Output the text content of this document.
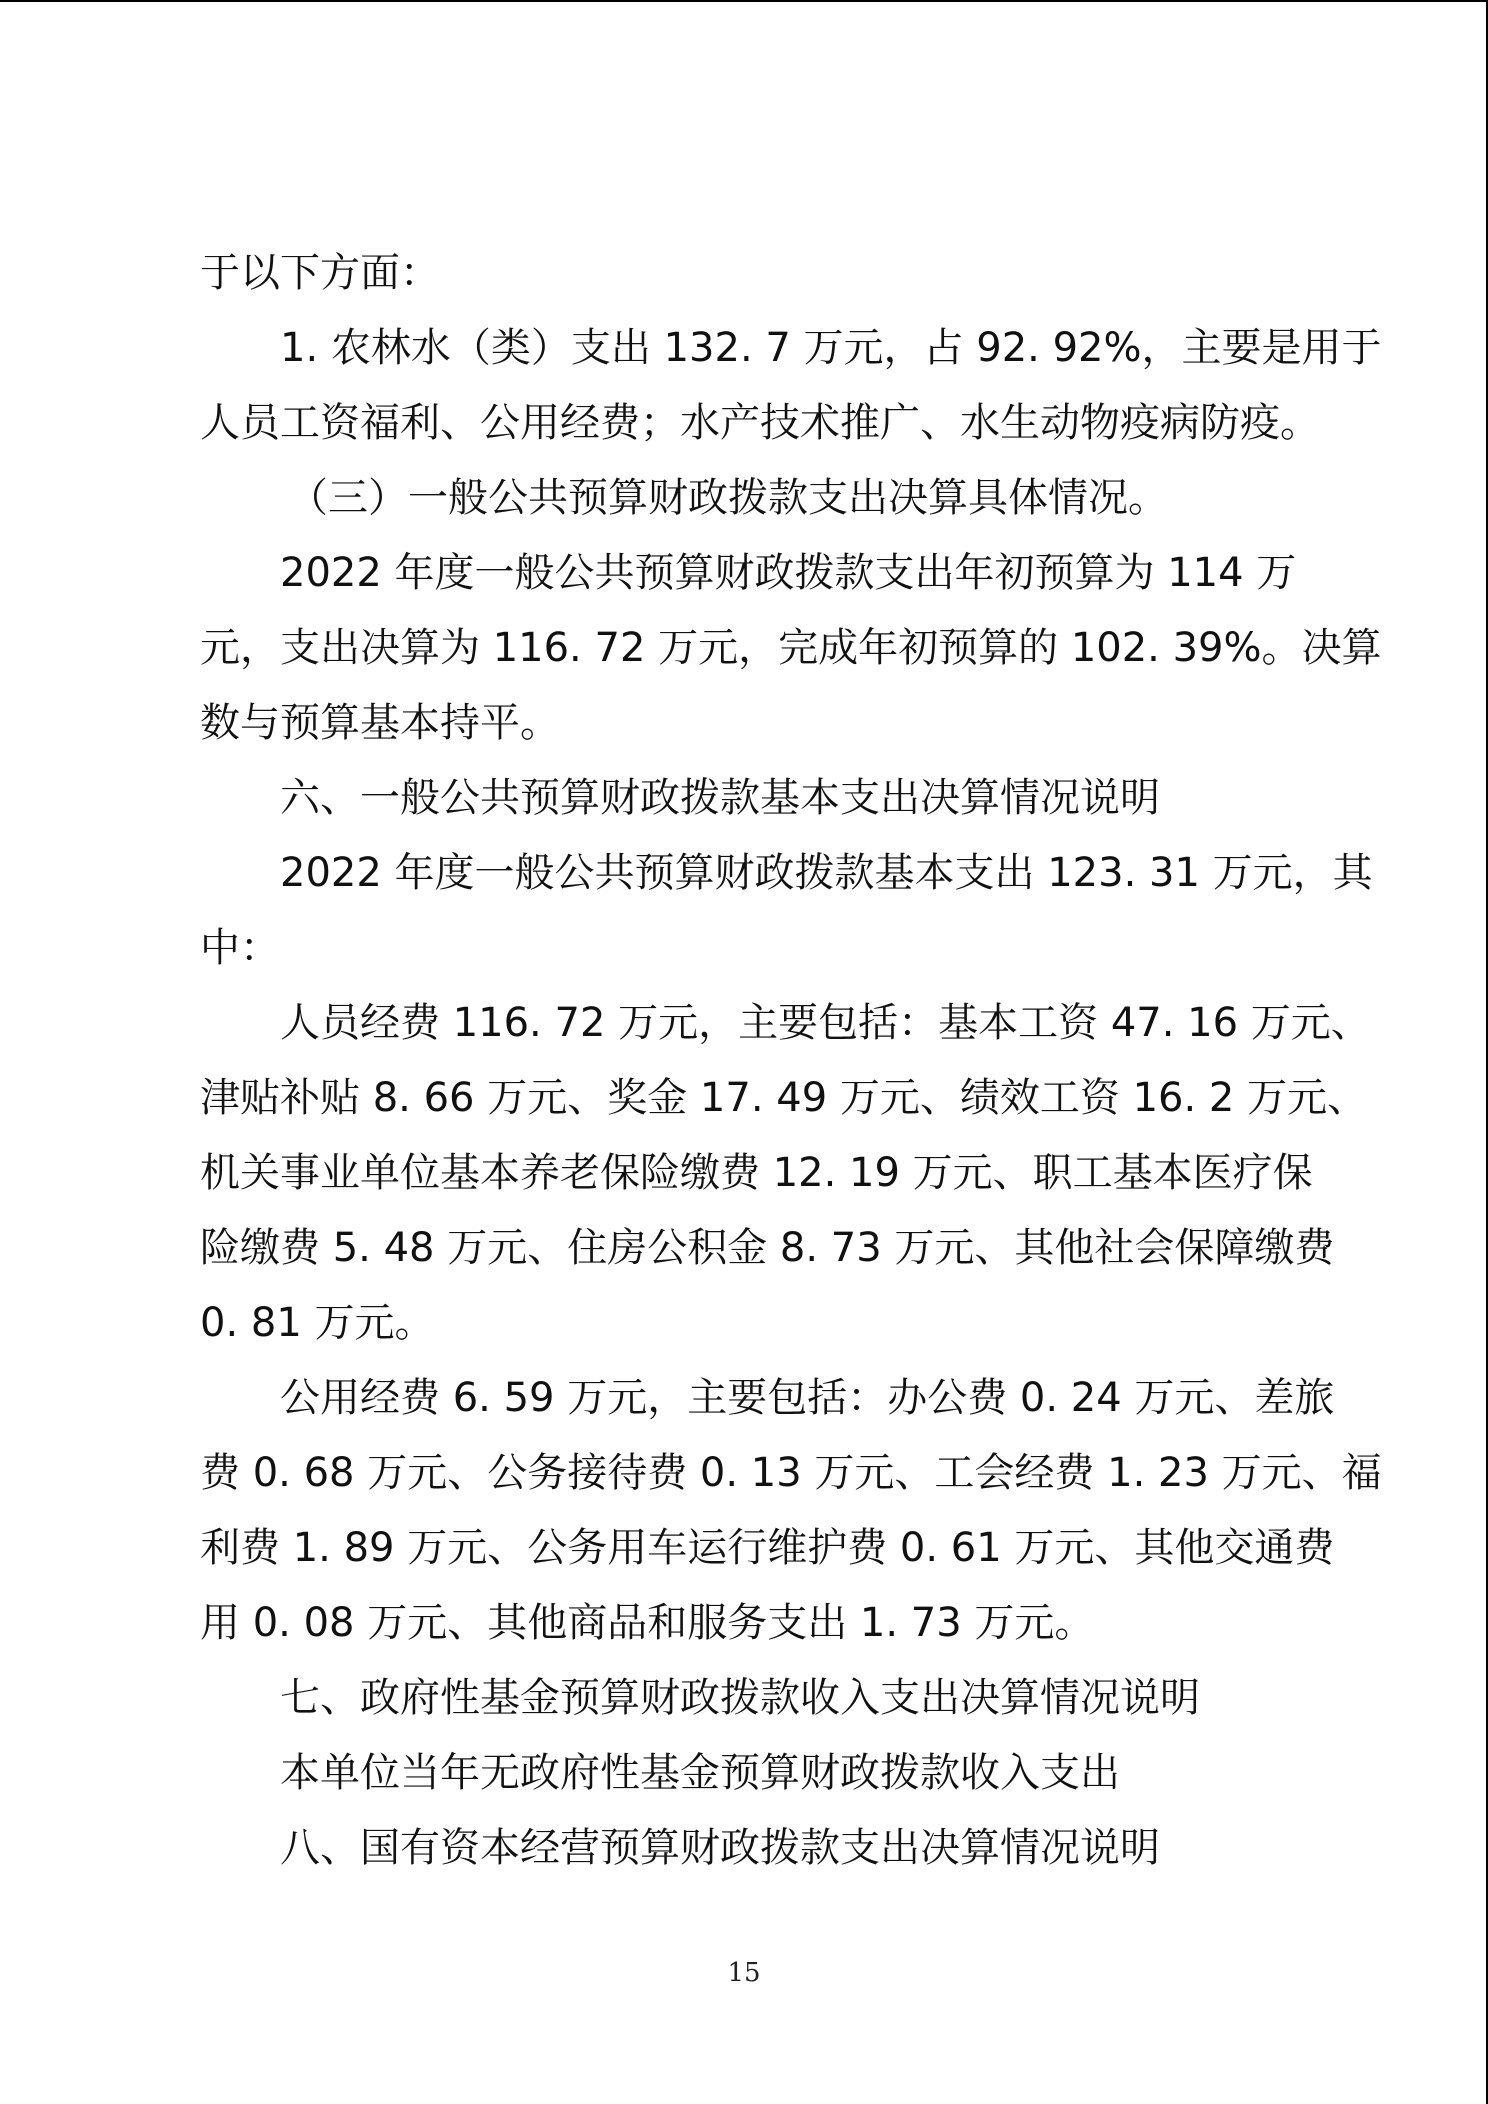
于以下方面：
1. 农林水（类）支出 132. 7 万元，占 92. 92%，主要是用于
人员工资福利、公用经费；水产技术推广、水生动物疫病防疫。
（三）一般公共预算财政拨款支出决算具体情况。
2022 年度一般公共预算财政拨款支出年初预算为 114 万
元，支出决算为 116. 72 万元，完成年初预算的 102. 39%。决算
数与预算基本持平。
六、一般公共预算财政拨款基本支出决算情况说明
2022 年度一般公共预算财政拨款基本支出 123. 31 万元，其
中：
人员经费 116. 72 万元，主要包括：基本工资 47. 16 万元、
津贴补贴 8. 66 万元、奖金 17. 49 万元、绩效工资 16. 2 万元、
机关事业单位基本养老保险缴费 12. 19 万元、职工基本医疗保
险缴费 5. 48 万元、住房公积金 8. 73 万元、其他社会保障缴费
0. 81 万元。
公用经费 6. 59 万元，主要包括：办公费 0. 24 万元、差旅
费 0. 68 万元、公务接待费 0. 13 万元、工会经费 1. 23 万元、福
利费 1. 89 万元、公务用车运行维护费 0. 61 万元、其他交通费
用 0. 08 万元、其他商品和服务支出 1. 73 万元。
七、政府性基金预算财政拨款收入支出决算情况说明
本单位当年无政府性基金预算财政拨款收入支出
八、国有资本经营预算财政拨款支出决算情况说明
15
